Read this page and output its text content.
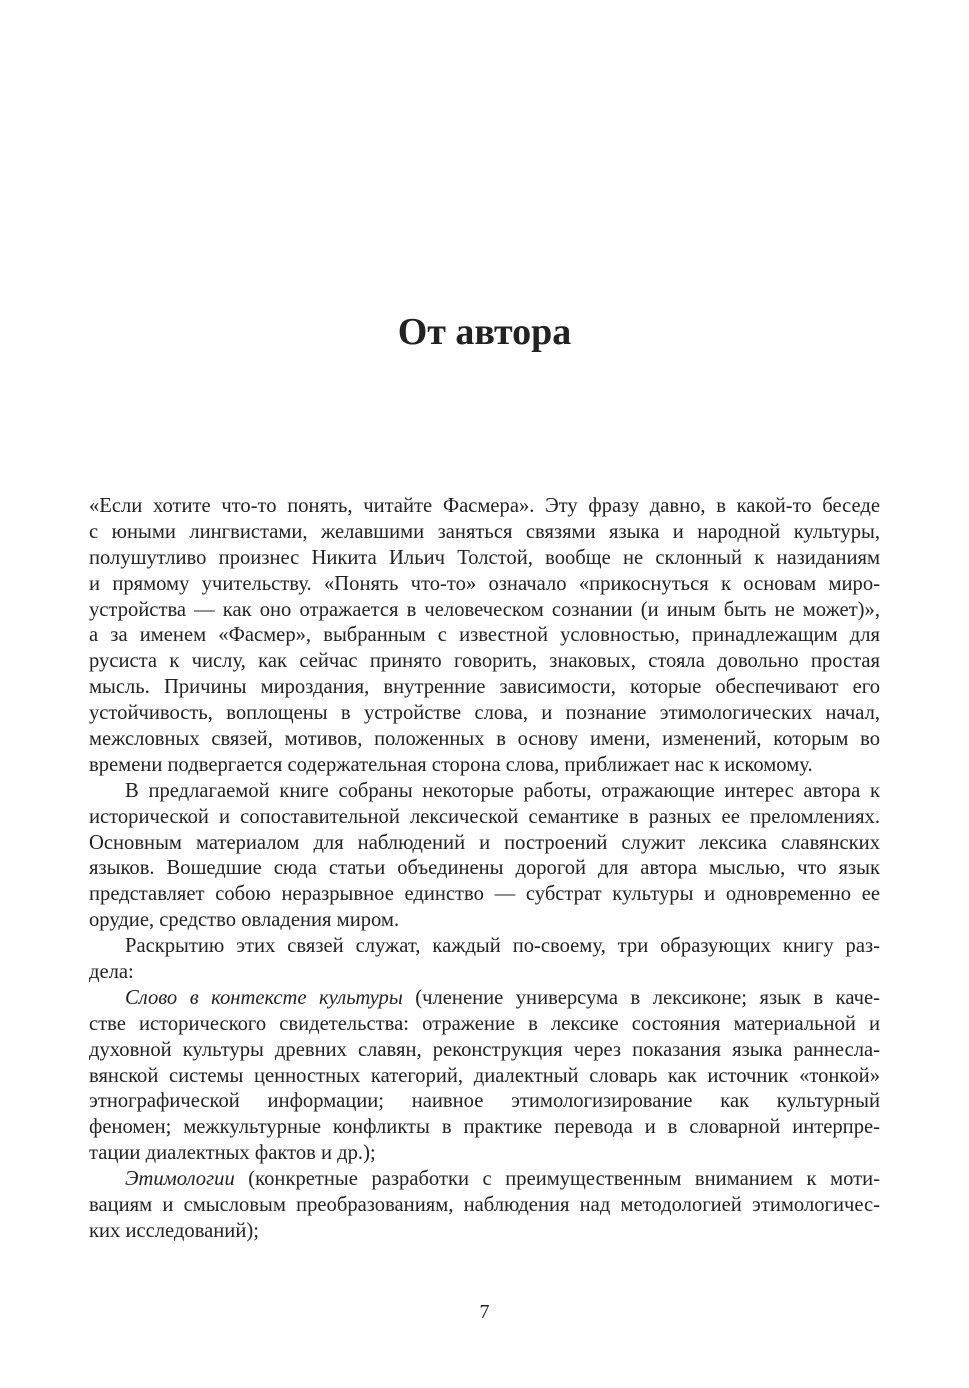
От автора
«Если хотите что-то понять, читайте Фасмера». Эту фразу давно, в какой-то беседе
с юными лингвистами, желавшими заняться связями языка и народной культуры,
полушутливо произнес Никита Ильич Толстой, вообще не склонный к назиданиям
и прямому учительству. «Понять что-то» означало «прикоснуться к основам миро-
устройства — как оно отражается в человеческом сознании (и иным быть не может)»,
а за именем «Фасмер», выбранным с известной условностью, принадлежащим для
русиста к числу, как сейчас принято говорить, знаковых, стояла довольно простая
мысль. Причины мироздания, внутренние зависимости, которые обеспечивают его
устойчивость, воплощены в устройстве слова, и познание этимологических начал,
межсловных связей, мотивов, положенных в основу имени, изменений, которым во
времени подвергается содержательная сторона слова, приближает нас к искомому.
В предлагаемой книге собраны некоторые работы, отражающие интерес автора к
исторической и сопоставительной лексической семантике в разных ее преломлениях.
Основным материалом для наблюдений и построений служит лексика славянских
языков. Вошедшие сюда статьи объединены дорогой для автора мыслью, что язык
представляет собою неразрывное единство — субстрат культуры и одновременно ее
орудие, средство овладения миром.
Раскрытию этих связей служат, каждый по-своему, три образующих книгу раз-
дела:
Слово в контексте культуры (членение универсума в лексиконе; язык в каче-
стве исторического свидетельства: отражение в лексике состояния материальной и
духовной культуры древних славян, реконструкция через показания языка раннесла-
вянской системы ценностных категорий, диалектный словарь как источник «тонкой»
этнографической информации; наивное этимологизирование как культурный
феномен; межкультурные конфликты в практике перевода и в словарной интерпре-
тации диалектных фактов и др.);
Этимологии (конкретные разработки с преимущественным вниманием к моти-
вациям и смысловым преобразованиям, наблюдения над методологией этимологичес-
ких исследований);
7
